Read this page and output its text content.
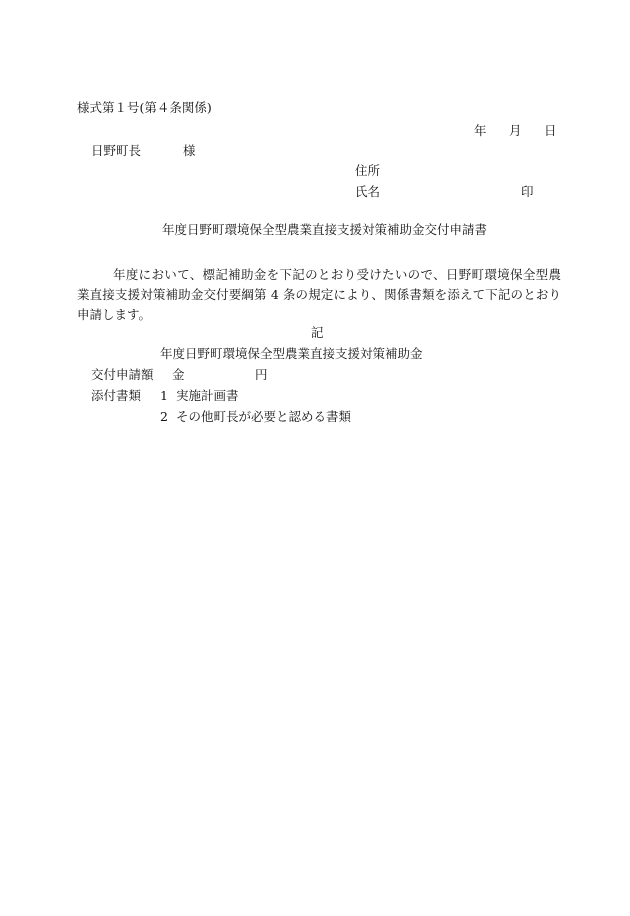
様式第１号(第４条関係)
年 月 日
日野町長	様
住所
氏名	印
年度日野町環境保全型農業直接支援対策補助金交付申請書
年度において、標記補助金を下記のとおり受けたいので、日野町環境保全型農業直接支援対策補助金交付要綱第 4 条の規定により、関係書類を添えて下記のとおり申請します。
記
年度日野町環境保全型農業直接支援対策補助金
交付申請額 金	円
添付書類 1 実施計画書
2 その他町長が必要と認める書類
